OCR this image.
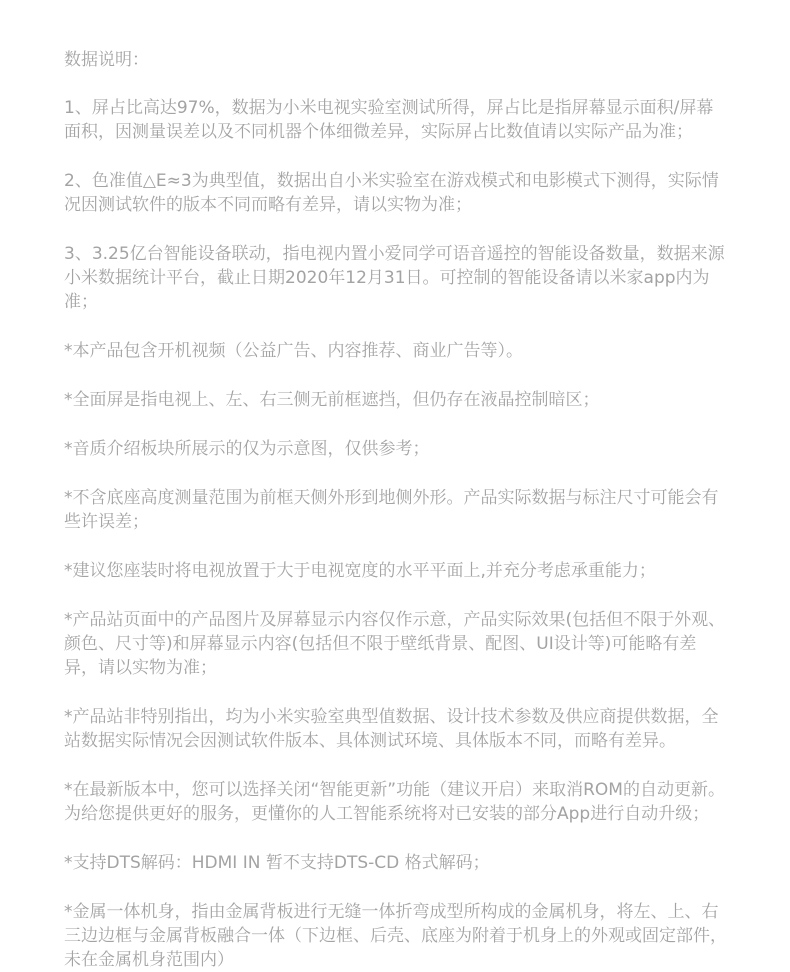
数据说明：

1、屏占比高达97%，数据为小米电视实验室测试所得，屏占比是指屏幕显示面积/屏幕面积，因测量误差以及不同机器个体细微差异，实际屏占比数值请以实际产品为准；

2、色准值△E≈3为典型值，数据出自小米实验室在游戏模式和电影模式下测得，实际情况因测试软件的版本不同而略有差异，请以实物为准；

3、3.25亿台智能设备联动，指电视内置小爱同学可语音遥控的智能设备数量，数据来源小米数据统计平台，截止日期2020年12月31日。可控制的智能设备请以米家app内为准；

*本产品包含开机视频（公益广告、内容推荐、商业广告等）。

*全面屏是指电视上、左、右三侧无前框遮挡，但仍存在液晶控制暗区；

*音质介绍板块所展示的仅为示意图，仅供参考；

*不含底座高度测量范围为前框天侧外形到地侧外形。产品实际数据与标注尺寸可能会有些许误差；

*建议您座装时将电视放置于大于电视宽度的水平平面上,并充分考虑承重能力；

*产品站页面中的产品图片及屏幕显示内容仅作示意，产品实际效果(包括但不限于外观、颜色、尺寸等)和屏幕显示内容(包括但不限于壁纸背景、配图、UI设计等)可能略有差异，请以实物为准；

*产品站非特别指出，均为小米实验室典型值数据、设计技术参数及供应商提供数据，全站数据实际情况会因测试软件版本、具体测试环境、具体版本不同，而略有差异。

*在最新版本中，您可以选择关闭“智能更新”功能（建议开启）来取消ROM的自动更新。为给您提供更好的服务，更懂你的人工智能系统将对已安装的部分App进行自动升级；

*支持DTS解码：HDMI IN 暂不支持DTS-CD 格式解码；

*金属一体机身，指由金属背板进行无缝一体折弯成型所构成的金属机身，将左、上、右三边边框与金属背板融合一体（下边框、后壳、底座为附着于机身上的外观或固定部件，未在金属机身范围内）
